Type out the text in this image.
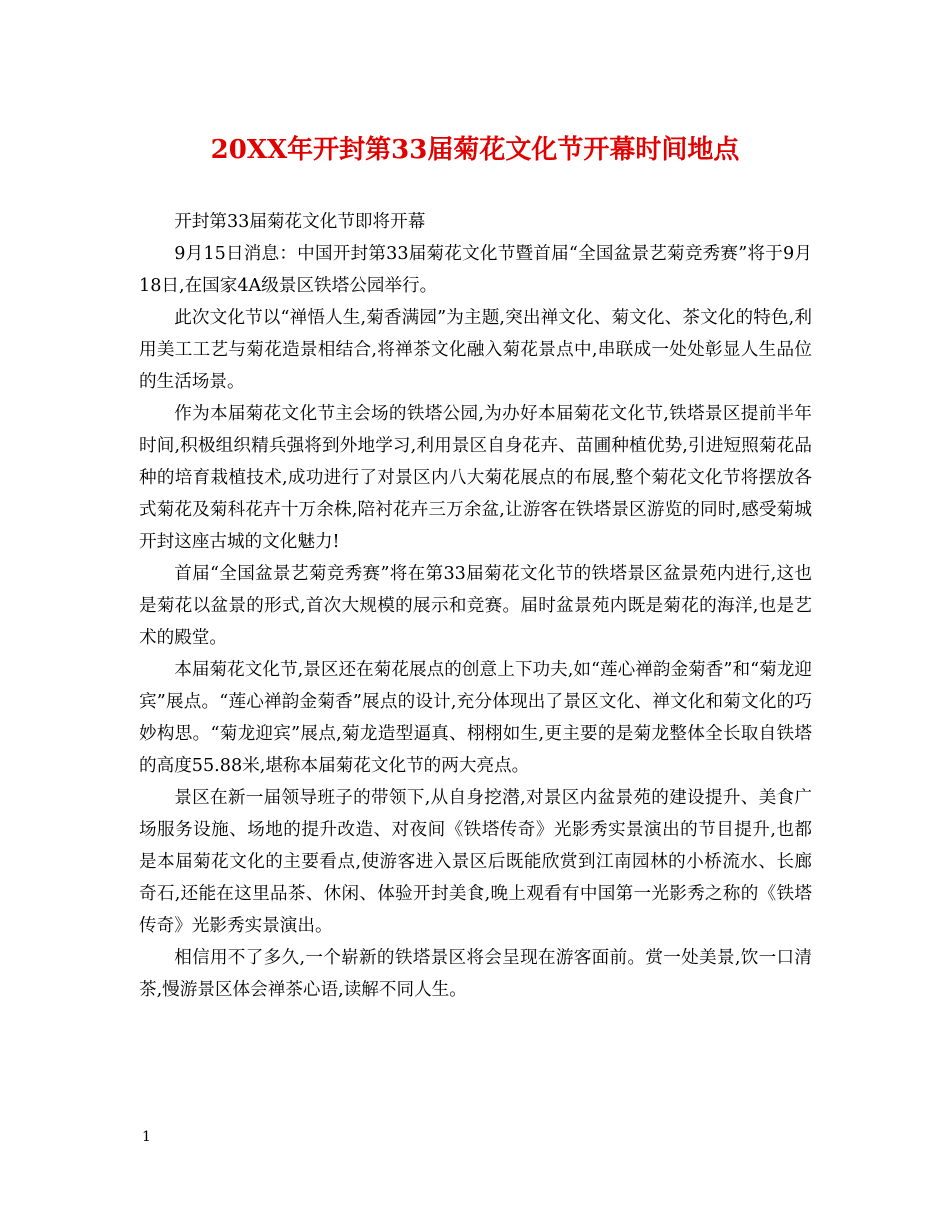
20XX年开封第33届菊花文化节开幕时间地点

开封第33届菊花文化节即将开幕

9月15日消息：中国开封第33届菊花文化节暨首届“全国盆景艺菊竞秀赛”将于9月18日,在国家4A级景区铁塔公园举行。

此次文化节以“禅悟人生,菊香满园”为主题,突出禅文化、菊文化、茶文化的特色,利用美工工艺与菊花造景相结合,将禅茶文化融入菊花景点中,串联成一处处彰显人生品位的生活场景。

作为本届菊花文化节主会场的铁塔公园,为办好本届菊花文化节,铁塔景区提前半年时间,积极组织精兵强将到外地学习,利用景区自身花卉、苗圃种植优势,引进短照菊花品种的培育栽植技术,成功进行了对景区内八大菊花展点的布展,整个菊花文化节将摆放各式菊花及菊科花卉十万余株,陪衬花卉三万余盆,让游客在铁塔景区游览的同时,感受菊城开封这座古城的文化魅力!

首届“全国盆景艺菊竞秀赛”将在第33届菊花文化节的铁塔景区盆景苑内进行,这也是菊花以盆景的形式,首次大规模的展示和竞赛。届时盆景苑内既是菊花的海洋,也是艺术的殿堂。

本届菊花文化节,景区还在菊花展点的创意上下功夫,如“莲心禅韵金菊香”和“菊龙迎宾”展点。“莲心禅韵金菊香”展点的设计,充分体现出了景区文化、禅文化和菊文化的巧妙构思。“菊龙迎宾”展点,菊龙造型逼真、栩栩如生,更主要的是菊龙整体全长取自铁塔的高度55.88米,堪称本届菊花文化节的两大亮点。

景区在新一届领导班子的带领下,从自身挖潜,对景区内盆景苑的建设提升、美食广场服务设施、场地的提升改造、对夜间《铁塔传奇》光影秀实景演出的节目提升,也都是本届菊花文化的主要看点,使游客进入景区后既能欣赏到江南园林的小桥流水、长廊奇石,还能在这里品茶、休闲、体验开封美食,晚上观看有中国第一光影秀之称的《铁塔传奇》光影秀实景演出。

相信用不了多久,一个崭新的铁塔景区将会呈现在游客面前。赏一处美景,饮一口清茶,慢游景区体会禅茶心语,读解不同人生。

1
